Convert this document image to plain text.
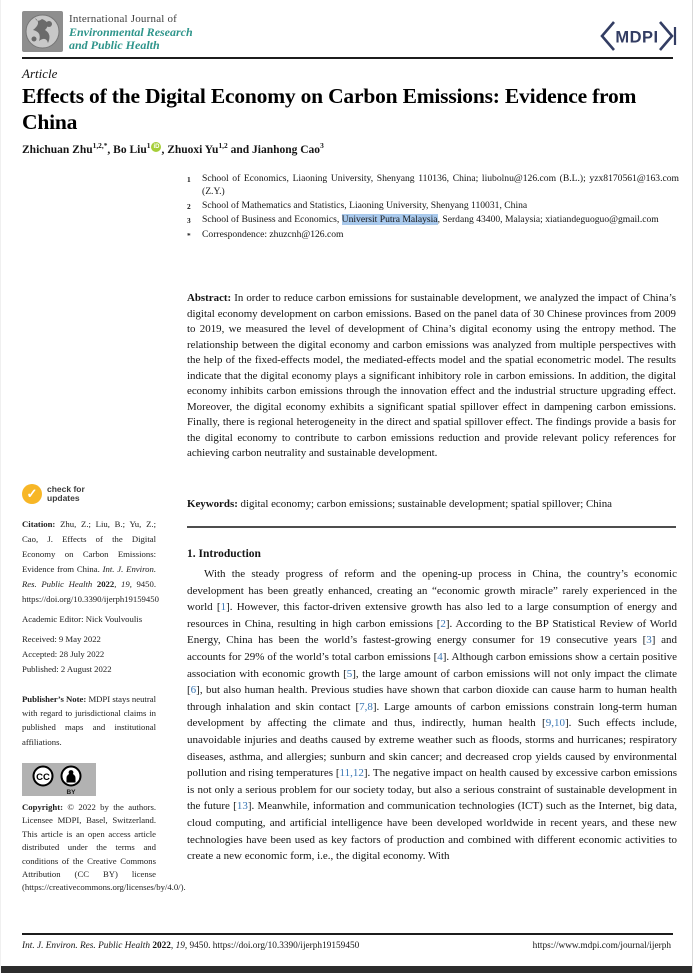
International Journal of
Environmental Research
and Public Health	MDPI
Article
Effects of the Digital Economy on Carbon Emissions: Evidence from China
Zhichuan Zhu$^{1,2,*}$, Bo Liu$^1$ iD , Zhuoxi Yu$^{1,2}$ and Jianhong Cao$^3$
1	School of Economics, Liaoning University, Shenyang 110136, China; liubolnu@126.com (B.L.); yzx8170561@163.com (Z.Y.)
2	School of Mathematics and Statistics, Liaoning University, Shenyang 110031, China
3	School of Business and Economics, Universit Putra Malaysia, Serdang 43400, Malaysia; xiatiandeguoguo@gmail.com
*	Correspondence: zhuzcnh@126.com

Abstract: In order to reduce carbon emissions for sustainable development, we analyzed the impact of China’s digital economy development on carbon emissions. Based on the panel data of 30 Chinese provinces from 2009 to 2019, we measured the level of development of China’s digital economy using the entropy method. The relationship between the digital economy and carbon emissions was analyzed from multiple perspectives with the help of the fixed-effects model, the mediated-effects model and the spatial econometric model. The results indicate that the digital economy plays a significant inhibitory role in carbon emissions. In addition, the digital economy inhibits carbon emissions through the innovation effect and the industrial structure upgrading effect. Moreover, the digital economy exhibits a significant spatial spillover effect in dampening carbon emissions. Finally, there is regional heterogeneity in the direct and spatial spillover effect. The findings provide a basis for the digital economy to contribute to carbon emissions reduction and provide relevant policy references for achieving carbon neutrality and sustainable development.

Keywords: digital economy; carbon emissions; sustainable development; spatial spillover; China

1. Introduction

With the steady progress of reform and the opening-up process in China, the country’s economic development has been greatly enhanced, creating an “economic growth miracle” rarely experienced in the world [1]. However, this factor-driven extensive growth has also led to a large consumption of energy and resources in China, resulting in high carbon emissions [2]. According to the BP Statistical Review of World Energy, China has been the world’s fastest-growing energy consumer for 19 consecutive years [3] and accounts for 29% of the world’s total carbon emissions [4]. Although carbon emissions show a certain positive association with economic growth [5], the large amount of carbon emissions will not only impact the climate [6], but also human health. Previous studies have shown that carbon dioxide can cause harm to human health through inhalation and skin contact [7,8]. Large amounts of carbon emissions constrain long-term human development by affecting the climate and thus, indirectly, human health [9,10]. Such effects include, unavoidable injuries and deaths caused by extreme weather such as floods, storms and hurricanes; respiratory diseases, asthma, and allergies; sunburn and skin cancer; and decreased crop yields caused by environmental pollution and rising temperatures [11,12]. The negative impact on health caused by excessive carbon emissions is not only a serious problem for our society today, but also a serious constraint of sustainable development in the future [13]. Meanwhile, information and communication technologies (ICT) such as the Internet, big data, cloud computing, and artificial intelligence have been developed worldwide in recent years, and these new technologies have been used as key factors of production and combined with different economic activities to create a new economic form, i.e., the digital economy. With

✓	check for
updates

Citation: Zhu, Z.; Liu, B.; Yu, Z.; Cao, J. Effects of the Digital Economy on Carbon Emissions: Evidence from China. Int. J. Environ. Res. Public Health 2022, 19, 9450. https://doi.org/10.3390/ijerph19159450

Academic Editor: Nick Voulvoulis

Received: 9 May 2022
Accepted: 28 July 2022
Published: 2 August 2022

Publisher’s Note: MDPI stays neutral with regard to jurisdictional claims in published maps and institutional affiliations.

CC
BY

Copyright: © 2022 by the authors. Licensee MDPI, Basel, Switzerland. This article is an open access article distributed under the terms and conditions of the Creative Commons Attribution (CC BY) license (https://creativecommons.org/licenses/by/4.0/).

Int. J. Environ. Res. Public Health 2022, 19, 9450. https://doi.org/10.3390/ijerph19159450	https://www.mdpi.com/journal/ijerph
